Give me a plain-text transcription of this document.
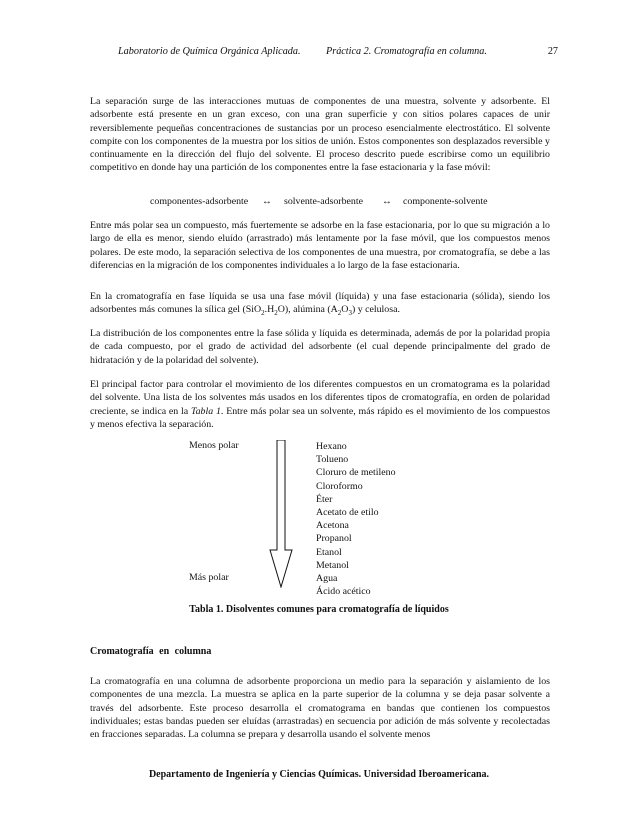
Laboratorio de Química Orgánica Aplicada. Práctica 2. Cromatografía en columna.	27

La separación surge de las interacciones mutuas de componentes de una muestra, solvente y adsorbente. El adsorbente está presente en un gran exceso, con una gran superficie y con sitios polares capaces de unir reversiblemente pequeñas concentraciones de sustancias por un proceso esencialmente electrostático. El solvente compite con los componentes de la muestra por los sitios de unión. Estos componentes son desplazados reversible y continuamente en la dirección del flujo del solvente. El proceso descrito puede escribirse como un equilibrio competitivo en donde hay una partición de los componentes entre la fase estacionaria y la fase móvil:

componentes-adsorbente ↔ solvente-adsorbente ↔ componente-solvente

Entre más polar sea un compuesto, más fuertemente se adsorbe en la fase estacionaria, por lo que su migración a lo largo de ella es menor, siendo eluído (arrastrado) más lentamente por la fase móvil, que los compuestos menos polares. De este modo, la separación selectiva de los componentes de una muestra, por cromatografía, se debe a las diferencias en la migración de los componentes individuales a lo largo de la fase estacionaria.

En la cromatografía en fase líquida se usa una fase móvil (líquida) y una fase estacionaria (sólida), siendo los adsorbentes más comunes la sílica gel $(SiO_2.H_2O)$, alúmina $(A_2O_3)$ y celulosa.

La distribución de los componentes entre la fase sólida y líquida es determinada, además de por la polaridad propia de cada compuesto, por el grado de actividad del adsorbente (el cual depende principalmente del grado de hidratación y de la polaridad del solvente).

El principal factor para controlar el movimiento de los diferentes compuestos en un cromatograma es la polaridad del solvente. Una lista de los solventes más usados en los diferentes tipos de cromatografía, en orden de polaridad creciente, se indica en la Tabla 1. Entre más polar sea un solvente, más rápido es el movimiento de los compuestos y menos efectiva la separación.

Menos polar
Más polar
Hexano
Tolueno
Cloruro de metileno
Cloroformo
Éter
Acetato de etilo
Acetona
Propanol
Etanol
Metanol
Agua
Ácido acético
Tabla 1. Disolventes comunes para cromatografía de líquidos
Cromatografía en columna

La cromatografía en una columna de adsorbente proporciona un medio para la separación y aislamiento de los componentes de una mezcla. La muestra se aplica en la parte superior de la columna y se deja pasar solvente a través del adsorbente. Este proceso desarrolla el cromatograma en bandas que contienen los compuestos individuales; estas bandas pueden ser eluídas (arrastradas) en secuencia por adición de más solvente y recolectadas en fracciones separadas. La columna se prepara y desarrolla usando el solvente menos

Departamento de Ingeniería y Ciencias Químicas. Universidad Iberoamericana.
